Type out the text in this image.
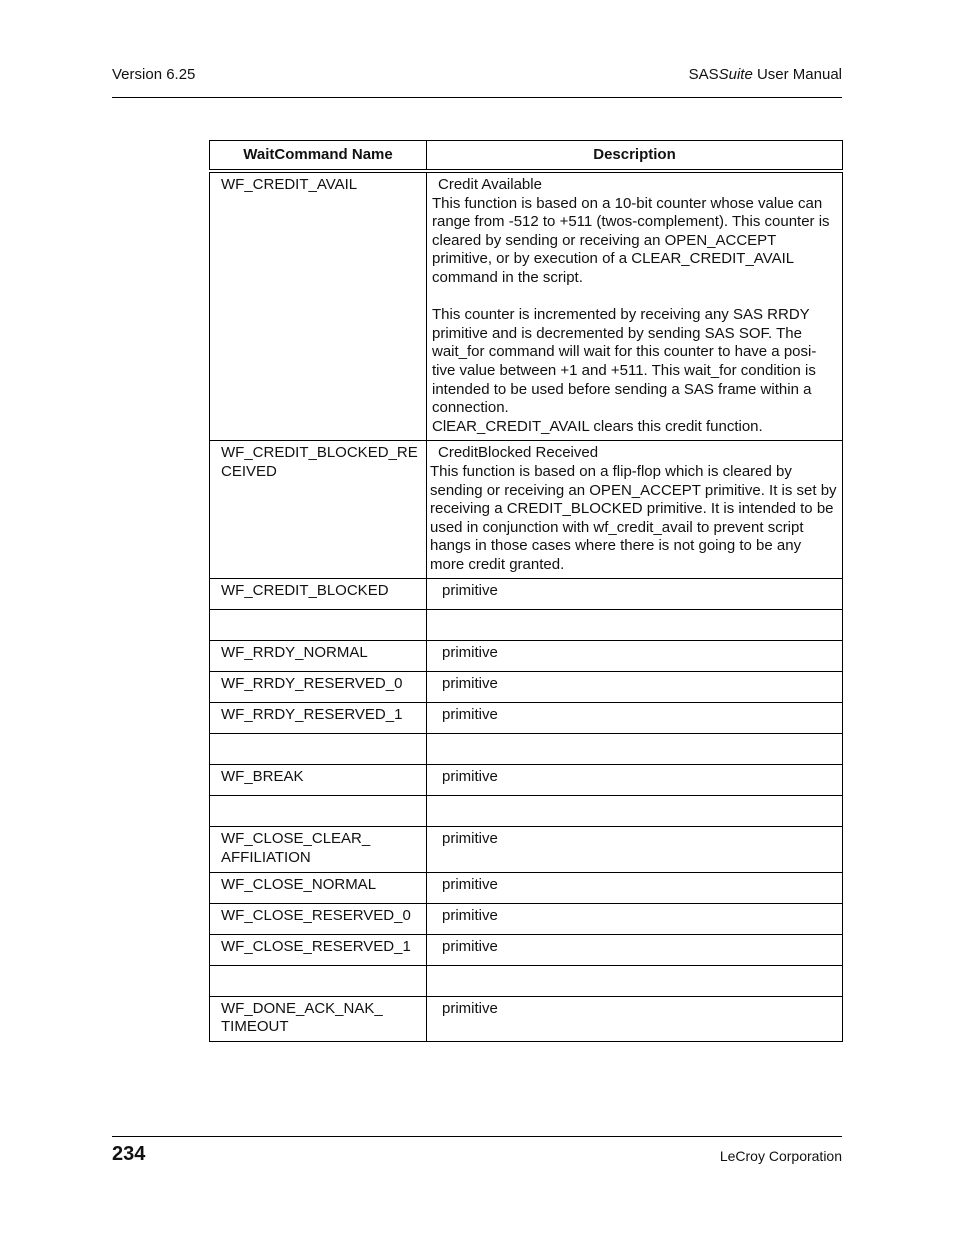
Version 6.25	SASSuite User Manual
WaitCommand Name	Description
WF_CREDIT_AVAIL	Credit Available
This function is based on a 10-bit counter whose value can range from -512 to +511 (twos-complement). This counter is cleared by sending or receiving an OPEN_ACCEPT primitive, or by execution of a CLEAR_CREDIT_AVAIL command in the script.
This counter is incremented by receiving any SAS RRDY primitive and is decremented by sending SAS SOF. The wait_for command will wait for this counter to have a posi-tive value between +1 and +511. This wait_for condition is intended to be used before sending a SAS frame within a connection.
ClEAR_CREDIT_AVAIL clears this credit function.

WF_CREDIT_BLOCKED_RECEIVED	CreditBlocked Received
This function is based on a flip-flop which is cleared by sending or receiving an OPEN_ACCEPT primitive. It is set by receiving a CREDIT_BLOCKED primitive. It is intended to be used in conjunction with wf_credit_avail to prevent script hangs in those cases where there is not going to be any more credit granted.

WF_CREDIT_BLOCKED	primitive

WF_RRDY_NORMAL	primitive
WF_RRDY_RESERVED_0	primitive
WF_RRDY_RESERVED_1	primitive

WF_BREAK	primitive

WF_CLOSE_CLEAR_
AFFILIATION	primitive
WF_CLOSE_NORMAL	primitive
WF_CLOSE_RESERVED_0	primitive
WF_CLOSE_RESERVED_1	primitive

WF_DONE_ACK_NAK_
TIMEOUT	primitive
234	LeCroy Corporation
